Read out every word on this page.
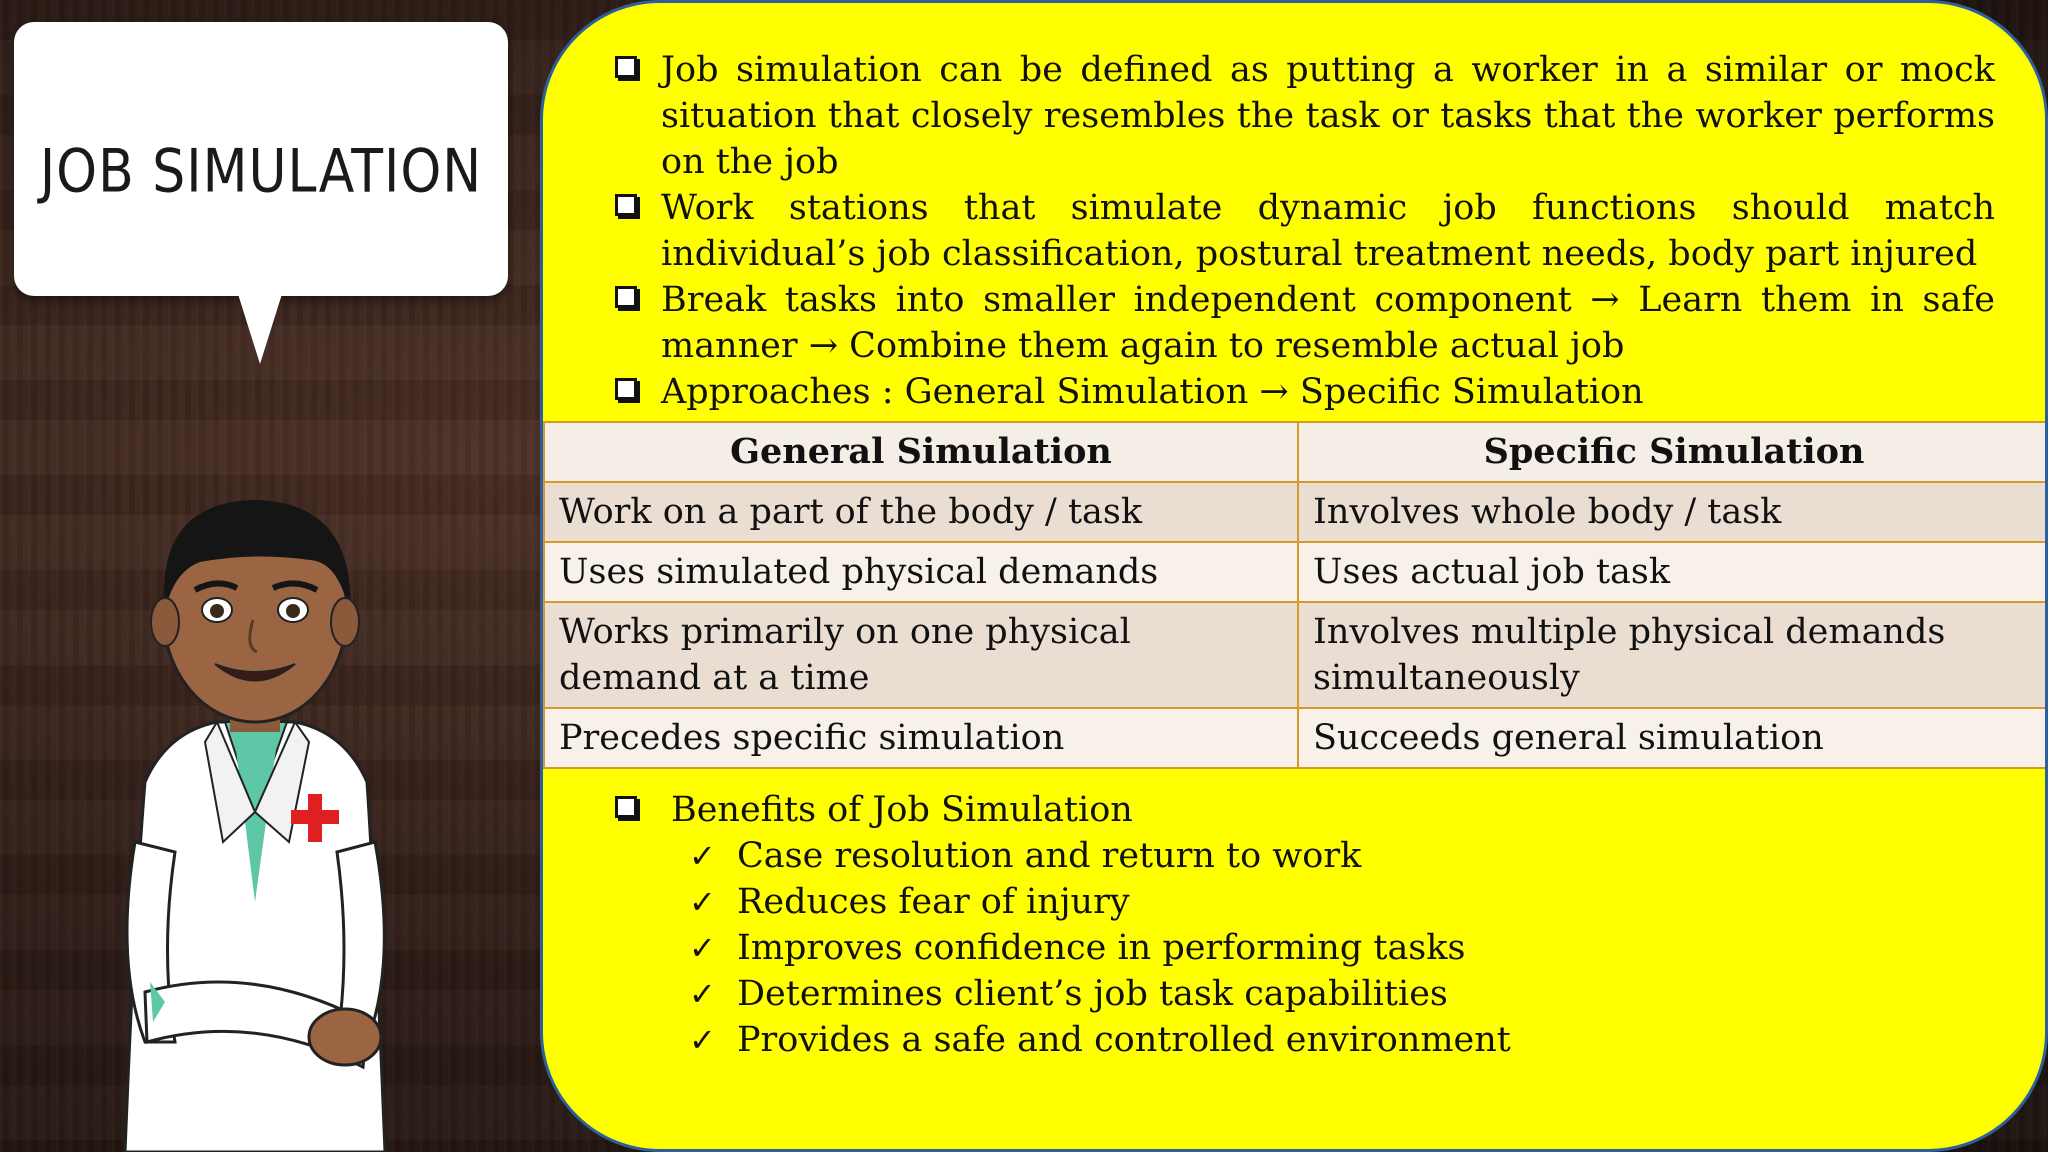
JOB SIMULATION
Job simulation can be defined as putting a worker in a similar or mock situation that closely resembles the task or tasks that the worker performs on the job
Work stations that simulate dynamic job functions should match individual’s job classification, postural treatment needs, body part injured
Break tasks into smaller independent component → Learn them in safe manner → Combine them again to resemble actual job
Approaches : General Simulation → Specific Simulation
General Simulation	Specific Simulation
Work on a part of the body / task	Involves whole body / task
Uses simulated physical demands	Uses actual job task
Works primarily on one physical demand at a time	Involves multiple physical demands simultaneously
Precedes specific simulation	Succeeds general simulation
Benefits of Job Simulation
✓ Case resolution and return to work
✓ Reduces fear of injury
✓ Improves confidence in performing tasks
✓ Determines client’s job task capabilities
✓ Provides a safe and controlled environment
